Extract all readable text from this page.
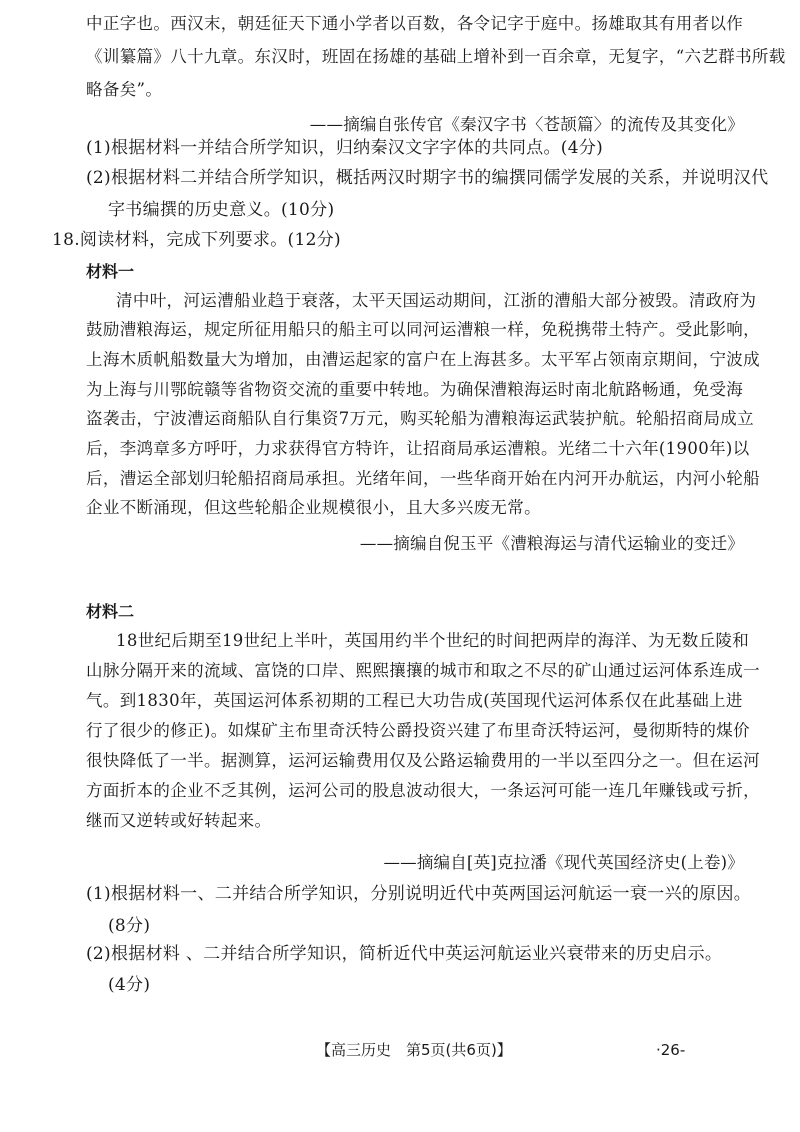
中正字也。西汉末，朝廷征天下通小学者以百数，各令记字于庭中。扬雄取其有用者以作
《训纂篇》八十九章。东汉时，班固在扬雄的基础上增补到一百余章，无复字，“六艺群书所载
略备矣”。
——摘编自张传官《秦汉字书〈苍颉篇〉的流传及其变化》
(1)根据材料一并结合所学知识，归纳秦汉文字字体的共同点。(4分)
(2)根据材料二并结合所学知识，概括两汉时期字书的编撰同儒学发展的关系，并说明汉代
字书编撰的历史意义。(10分)
18.阅读材料，完成下列要求。(12分)
材料一
清中叶，河运漕船业趋于衰落，太平天国运动期间，江浙的漕船大部分被毁。清政府为
鼓励漕粮海运，规定所征用船只的船主可以同河运漕粮一样，免税携带土特产。受此影响，
上海木质帆船数量大为增加，由漕运起家的富户在上海甚多。太平军占领南京期间，宁波成
为上海与川鄂皖赣等省物资交流的重要中转地。为确保漕粮海运时南北航路畅通，免受海
盗袭击，宁波漕运商船队自行集资7万元，购买轮船为漕粮海运武装护航。轮船招商局成立
后，李鸿章多方呼吁，力求获得官方特许，让招商局承运漕粮。光绪二十六年(1900年)以
后，漕运全部划归轮船招商局承担。光绪年间，一些华商开始在内河开办航运，内河小轮船
企业不断涌现，但这些轮船企业规模很小，且大多兴废无常。
——摘编自倪玉平《漕粮海运与清代运输业的变迁》
材料二
18世纪后期至19世纪上半叶，英国用约半个世纪的时间把两岸的海洋、为无数丘陵和
山脉分隔开来的流域、富饶的口岸、熙熙攘攘的城市和取之不尽的矿山通过运河体系连成一
气。到1830年，英国运河体系初期的工程已大功告成(英国现代运河体系仅在此基础上进
行了很少的修正)。如煤矿主布里奇沃特公爵投资兴建了布里奇沃特运河，曼彻斯特的煤价
很快降低了一半。据测算，运河运输费用仅及公路运输费用的一半以至四分之一。但在运河
方面折本的企业不乏其例，运河公司的股息波动很大，一条运河可能一连几年赚钱或亏折，
继而又逆转或好转起来。
——摘编自[英]克拉潘《现代英国经济史(上卷)》
(1)根据材料一、二并结合所学知识，分别说明近代中英两国运河航运一衰一兴的原因。
(8分)
(2)根据材料 、二并结合所学知识，简析近代中英运河航运业兴衰带来的历史启示。
(4分)
【高三历史　第5页(共6页)】	·26-
